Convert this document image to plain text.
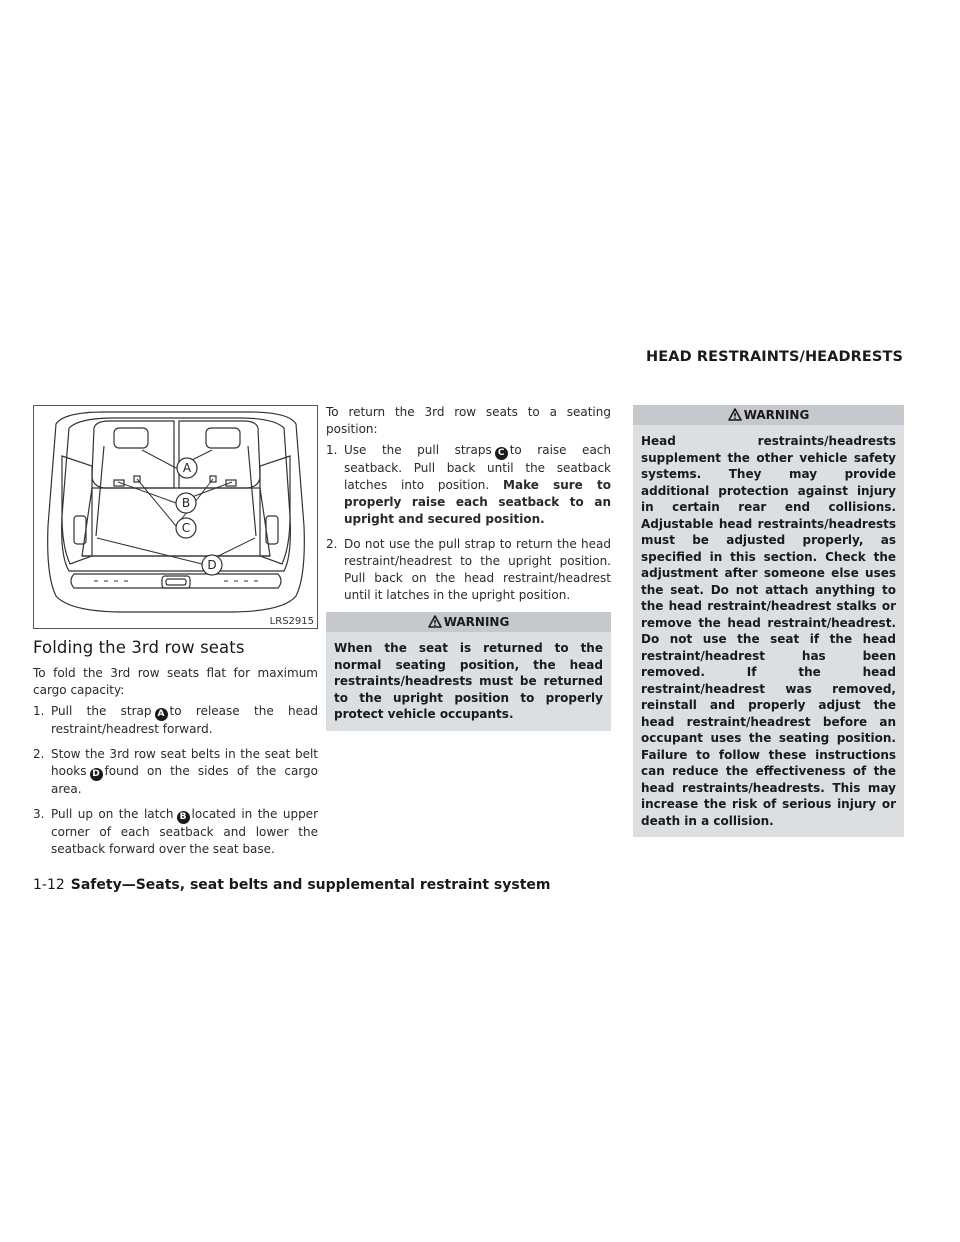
HEAD RESTRAINTS/HEADRESTS
A
B
C
D
LRS2915
Folding the 3rd row seats

To fold the 3rd row seats flat for maximum cargo capacity:

1. Pull the strap A to release the head restraint/headrest forward.
2. Stow the 3rd row seat belts in the seat belt hooks D found on the sides of the cargo area.
3. Pull up on the latch B located in the upper corner of each seatback and lower the seatback forward over the seat base.

To return the 3rd row seats to a seating position:

1. Use the pull straps C to raise each seatback. Pull back until the seatback latches into position. Make sure to properly raise each seatback to an upright and secured position.
2. Do not use the pull strap to return the head restraint/headrest to the upright position. Pull back on the head restraint/headrest until it latches in the upright position.
WARNING
When the seat is returned to the normal seating position, the head restraints/headrests must be returned to the upright position to properly protect vehicle occupants.
WARNING
Head restraints/headrests supplement the other vehicle safety systems. They may provide additional protection against injury in certain rear end collisions. Adjustable head restraints/headrests must be adjusted properly, as specified in this section. Check the adjustment after someone else uses the seat. Do not attach anything to the head restraint/headrest stalks or remove the head restraint/headrest. Do not use the seat if the head restraint/headrest has been removed. If the head restraint/headrest was removed, reinstall and properly adjust the head restraint/headrest before an occupant uses the seating position. Failure to follow these instructions can reduce the effectiveness of the head restraints/headrests. This may increase the risk of serious injury or death in a collision.
1-12 Safety—Seats, seat belts and supplemental restraint system
